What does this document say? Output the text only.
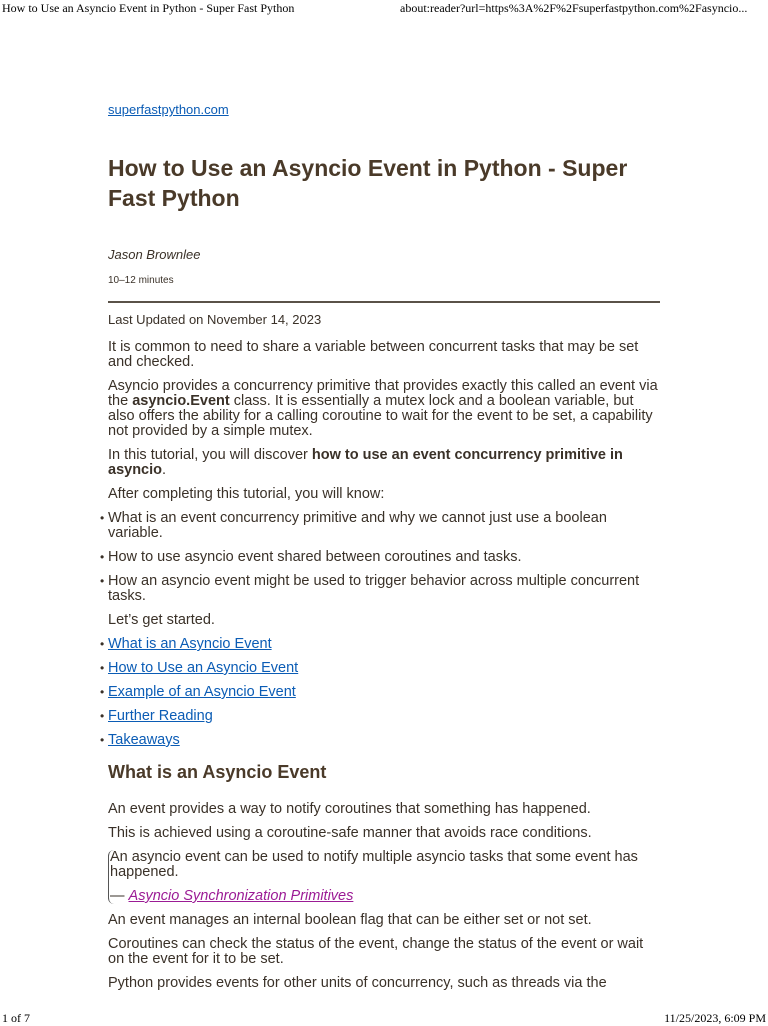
How to Use an Asyncio Event in Python - Super Fast Python	about:reader?url=https%3A%2F%2Fsuperfastpython.com%2Fasyncio...
superfastpython.com
How to Use an Asyncio Event in Python - Super Fast Python
Jason Brownlee
10–12 minutes

Last Updated on November 14, 2023

It is common to need to share a variable between concurrent tasks that may be set and checked.

Asyncio provides a concurrency primitive that provides exactly this called an event via the asyncio.Event class. It is essentially a mutex lock and a boolean variable, but also offers the ability for a calling coroutine to wait for the event to be set, a capability not provided by a simple mutex.

In this tutorial, you will discover how to use an event concurrency primitive in asyncio.

After completing this tutorial, you will know:

• What is an event concurrency primitive and why we cannot just use a boolean variable.
• How to use asyncio event shared between coroutines and tasks.
• How an asyncio event might be used to trigger behavior across multiple concurrent tasks.

Let’s get started.

• What is an Asyncio Event
• How to Use an Asyncio Event
• Example of an Asyncio Event
• Further Reading
• Takeaways
What is an Asyncio Event

An event provides a way to notify coroutines that something has happened.

This is achieved using a coroutine-safe manner that avoids race conditions.

An asyncio event can be used to notify multiple asyncio tasks that some event has happened.

— Asyncio Synchronization Primitives

An event manages an internal boolean flag that can be either set or not set.

Coroutines can check the status of the event, change the status of the event or wait on the event for it to be set.

Python provides events for other units of concurrency, such as threads via the

1 of 7	11/25/2023, 6:09 PM
